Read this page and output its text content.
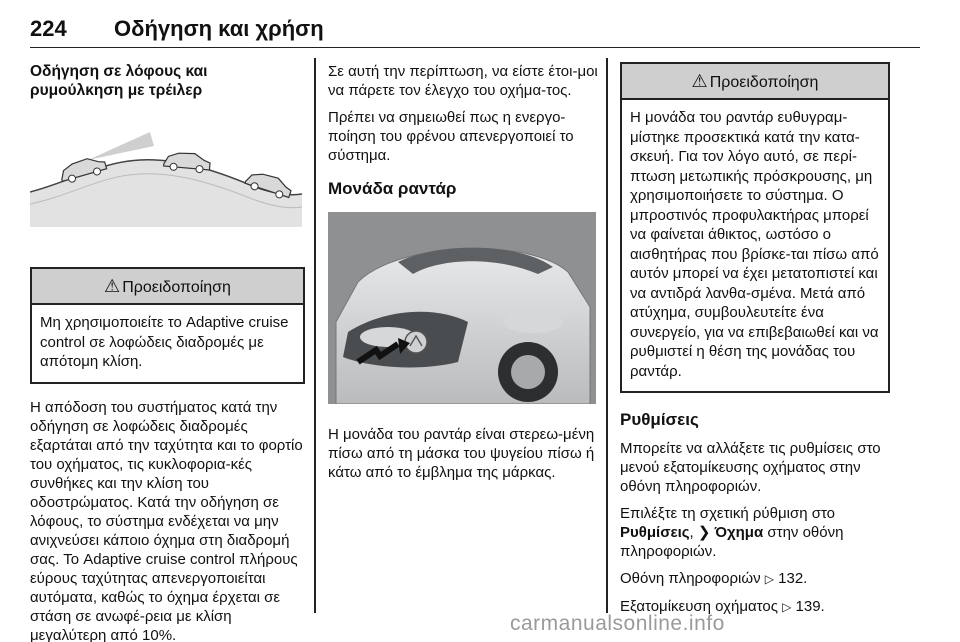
224 Οδήγηση και χρήση

Οδήγηση σε λόφους και ρυμούλκηση με τρέιλερ

⚠ Προειδοποίηση
Μη χρησιμοποιείτε το Adaptive cruise control σε λοφώδεις διαδρομές με απότομη κλίση.

Η απόδοση του συστήματος κατά την οδήγηση σε λοφώδεις διαδρομές εξαρτάται από την ταχύτητα και το φορτίο του οχήματος, τις κυκλοφορια-κές συνθήκες και την κλίση του οδοστρώματος. Κατά την οδήγηση σε λόφους, το σύστημα ενδέχεται να μην ανιχνεύσει κάποιο όχημα στη διαδρομή σας. Το Adaptive cruise control πλήρους εύρους ταχύτητας απενεργοποιείται αυτόματα, καθώς το όχημα έρχεται σε στάση σε ανωφέ-ρεια με κλίση μεγαλύτερη από 10%.

Σε αυτή την περίπτωση, να είστε έτοι-μοι να πάρετε τον έλεγχο του οχήμα-τος.

Πρέπει να σημειωθεί πως η ενεργο-ποίηση του φρένου απενεργοποιεί το σύστημα.

Μονάδα ραντάρ

Η μονάδα του ραντάρ είναι στερεω-μένη πίσω από τη μάσκα του ψυγείου πίσω ή κάτω από το έμβλημα της μάρκας.

⚠ Προειδοποίηση
Η μονάδα του ραντάρ ευθυγραμ-μίστηκε προσεκτικά κατά την κατα-σκευή. Για τον λόγο αυτό, σε περί-πτωση μετωπικής πρόσκρουσης, μη χρησιμοποιήσετε το σύστημα. Ο μπροστινός προφυλακτήρας μπορεί να φαίνεται άθικτος, ωστόσο ο αισθητήρας που βρίσκε-ται πίσω από αυτόν μπορεί να έχει μετατοπιστεί και να αντιδρά λανθα-σμένα. Μετά από ατύχημα, συμβουλευτείτε ένα συνεργείο, για να επιβεβαιωθεί και να ρυθμιστεί η θέση της μονάδας του ραντάρ.

Ρυθμίσεις

Μπορείτε να αλλάξετε τις ρυθμίσεις στο μενού εξατομίκευσης οχήματος στην οθόνη πληροφοριών.

Επιλέξτε τη σχετική ρύθμιση στο Ρυθμίσεις, ❯ Όχημα στην οθόνη πληροφοριών.

Οθόνη πληροφοριών ▷ 132.

Εξατομίκευση οχήματος ▷ 139.

carmanualsonline.info
